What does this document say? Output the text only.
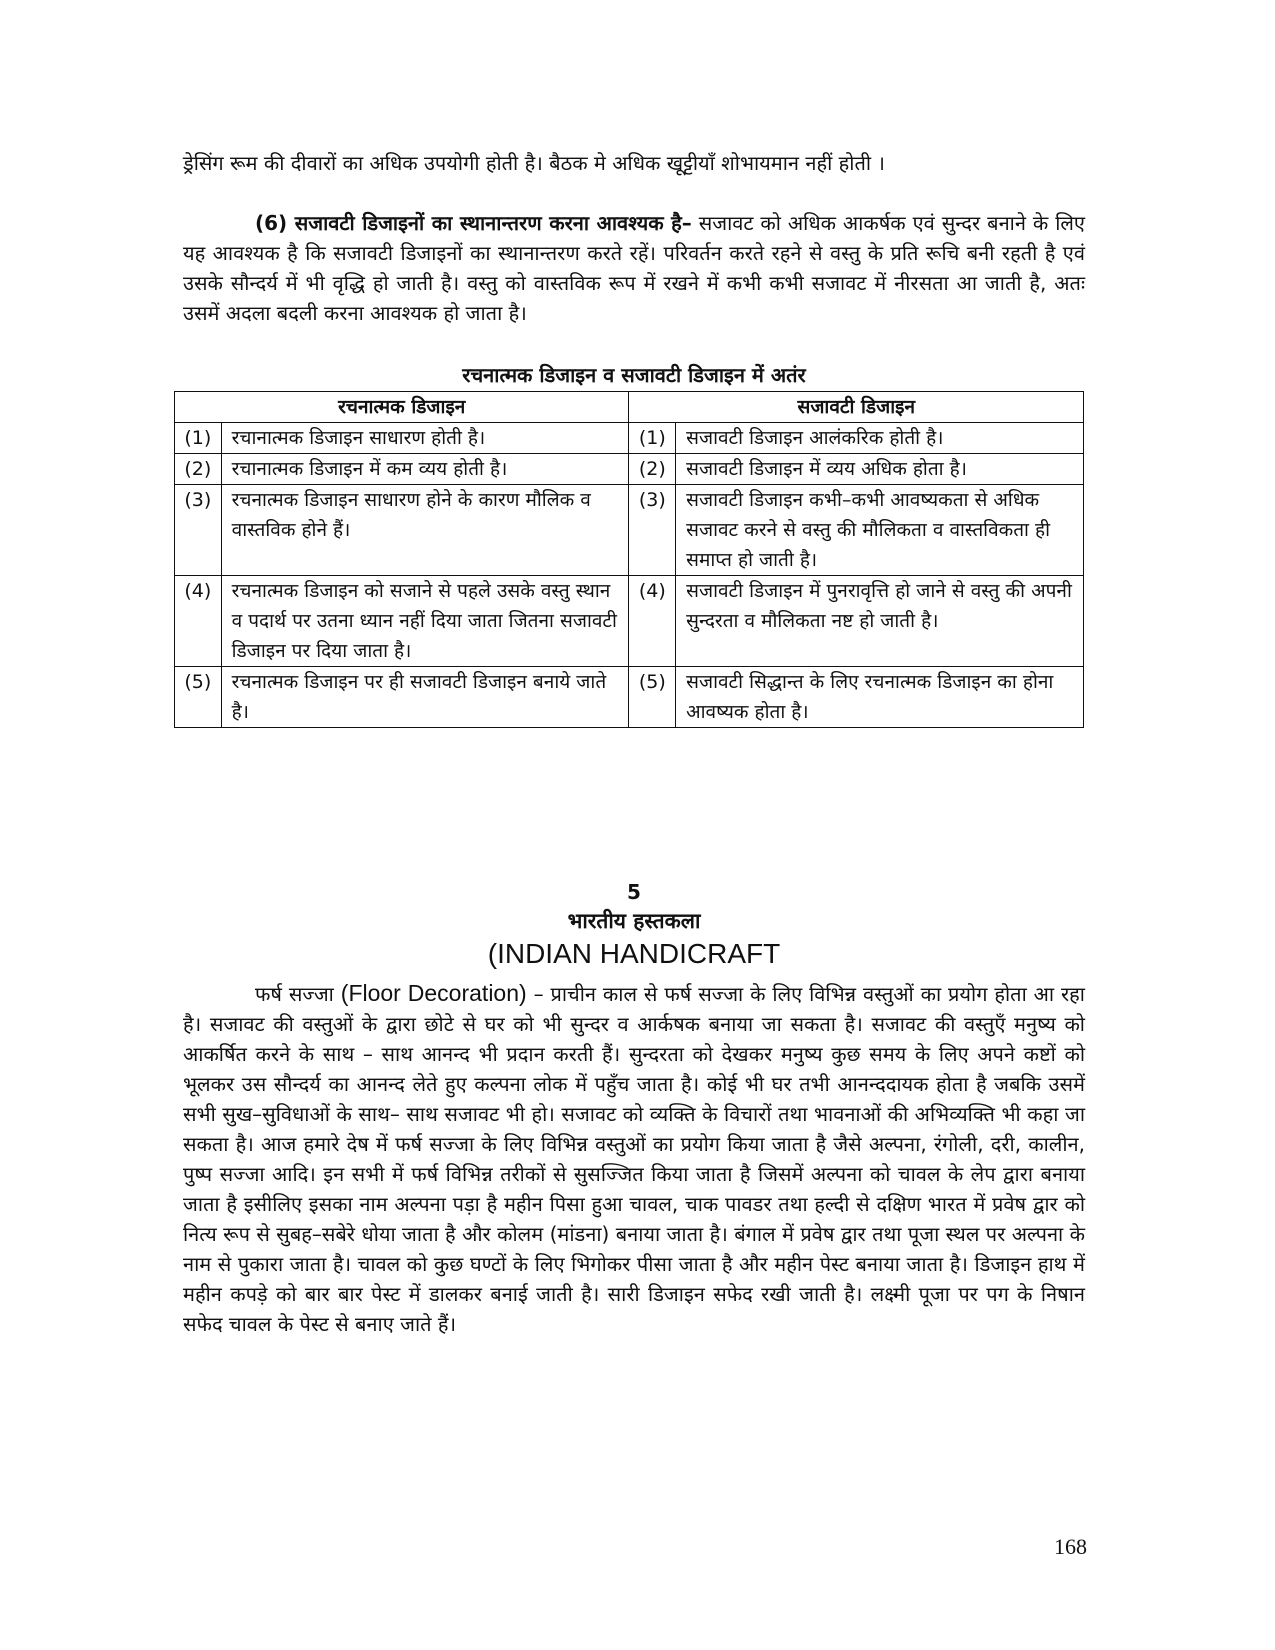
ड्रेसिंग रूम की दीवारों का अधिक उपयोगी होती है। बैठक मे अधिक खूट्टीयाँ शोभायमान नहीं होती ।

(6) सजावटी डिजाइनों का स्थानान्तरण करना आवश्यक है– सजावट को अधिक आकर्षक एवं सुन्दर बनाने के लिए यह आवश्यक है कि सजावटी डिजाइनों का स्थानान्तरण करते रहें। परिवर्तन करते रहने से वस्तु के प्रति रूचि बनी रहती है एवं उसके सौन्दर्य में भी वृद्धि हो जाती है। वस्तु को वास्तविक रूप में रखने में कभी कभी सजावट में नीरसता आ जाती है, अतः उसमें अदला बदली करना आवश्यक हो जाता है।

रचनात्मक डिजाइन व सजावटी डिजाइन में अतंर

रचनात्मक डिजाइन		सजावटी डिजाइन	
(1)	रचानात्मक डिजाइन साधारण होती है।	(1)	सजावटी डिजाइन आलंकरिक होती है।
(2)	रचानात्मक डिजाइन में कम व्यय होती है।	(2)	सजावटी डिजाइन में व्यय अधिक होता है।
(3)	रचनात्मक डिजाइन साधारण होने के कारण मौलिक व वास्तविक होने हैं।	(3)	सजावटी डिजाइन कभी–कभी आवष्यकता से अधिक सजावट करने से वस्तु की मौलिकता व वास्तविकता ही समाप्त हो जाती है।
(4)	रचनात्मक डिजाइन को सजाने से पहले उसके वस्तु स्थान व पदार्थ पर उतना ध्यान नहीं दिया जाता जितना सजावटी डिजाइन पर दिया जाता है।	(4)	सजावटी डिजाइन में पुनरावृत्ति हो जाने से वस्तु की अपनी सुन्दरता व मौलिकता नष्ट हो जाती है।
(5)	रचनात्मक डिजाइन पर ही सजावटी डिजाइन बनाये जाते है।	(5)	सजावटी सिद्धान्त के लिए रचनात्मक डिजाइन का होना आवष्यक होता है।

5

भारतीय हस्तकला

(INDIAN HANDICRAFT

फर्ष सज्जा (Floor Decoration) – प्राचीन काल से फर्ष सज्जा के लिए विभिन्न वस्तुओं का प्रयोग होता आ रहा है। सजावट की वस्तुओं के द्वारा छोटे से घर को भी सुन्दर व आर्कषक बनाया जा सकता है। सजावट की वस्तुएँ मनुष्य को आकर्षित करने के साथ – साथ आनन्द भी प्रदान करती हैं। सुन्दरता को देखकर मनुष्य कुछ समय के लिए अपने कष्टों को भूलकर उस सौन्दर्य का आनन्द लेते हुए कल्पना लोक में पहुँच जाता है। कोई भी घर तभी आनन्ददायक होता है जबकि उसमें सभी सुख–सुविधाओं के साथ– साथ सजावट भी हो। सजावट को व्यक्ति के विचारों तथा भावनाओं की अभिव्यक्ति भी कहा जा सकता है। आज हमारे देष में फर्ष सज्जा के लिए विभिन्न वस्तुओं का प्रयोग किया जाता है जैसे अल्पना, रंगोली, दरी, कालीन, पुष्प सज्जा आदि। इन सभी में फर्ष विभिन्न तरीकों से सुसज्जित किया जाता है जिसमें अल्पना को चावल के लेप द्वारा बनाया जाता है इसीलिए इसका नाम अल्पना पड़ा है महीन पिसा हुआ चावल, चाक पावडर तथा हल्दी से दक्षिण भारत में प्रवेष द्वार को नित्य रूप से सुबह–सबेरे धोया जाता है और कोलम (मांडना) बनाया जाता है। बंगाल में प्रवेष द्वार तथा पूजा स्थल पर अल्पना के नाम से पुकारा जाता है। चावल को कुछ घण्टों के लिए भिगोकर पीसा जाता है और महीन पेस्ट बनाया जाता है। डिजाइन हाथ में महीन कपड़े को बार बार पेस्ट में डालकर बनाई जाती है। सारी डिजाइन सफेद रखी जाती है। लक्ष्मी पूजा पर पग के निषान सफेद चावल के पेस्ट से बनाए जाते हैं।

168
